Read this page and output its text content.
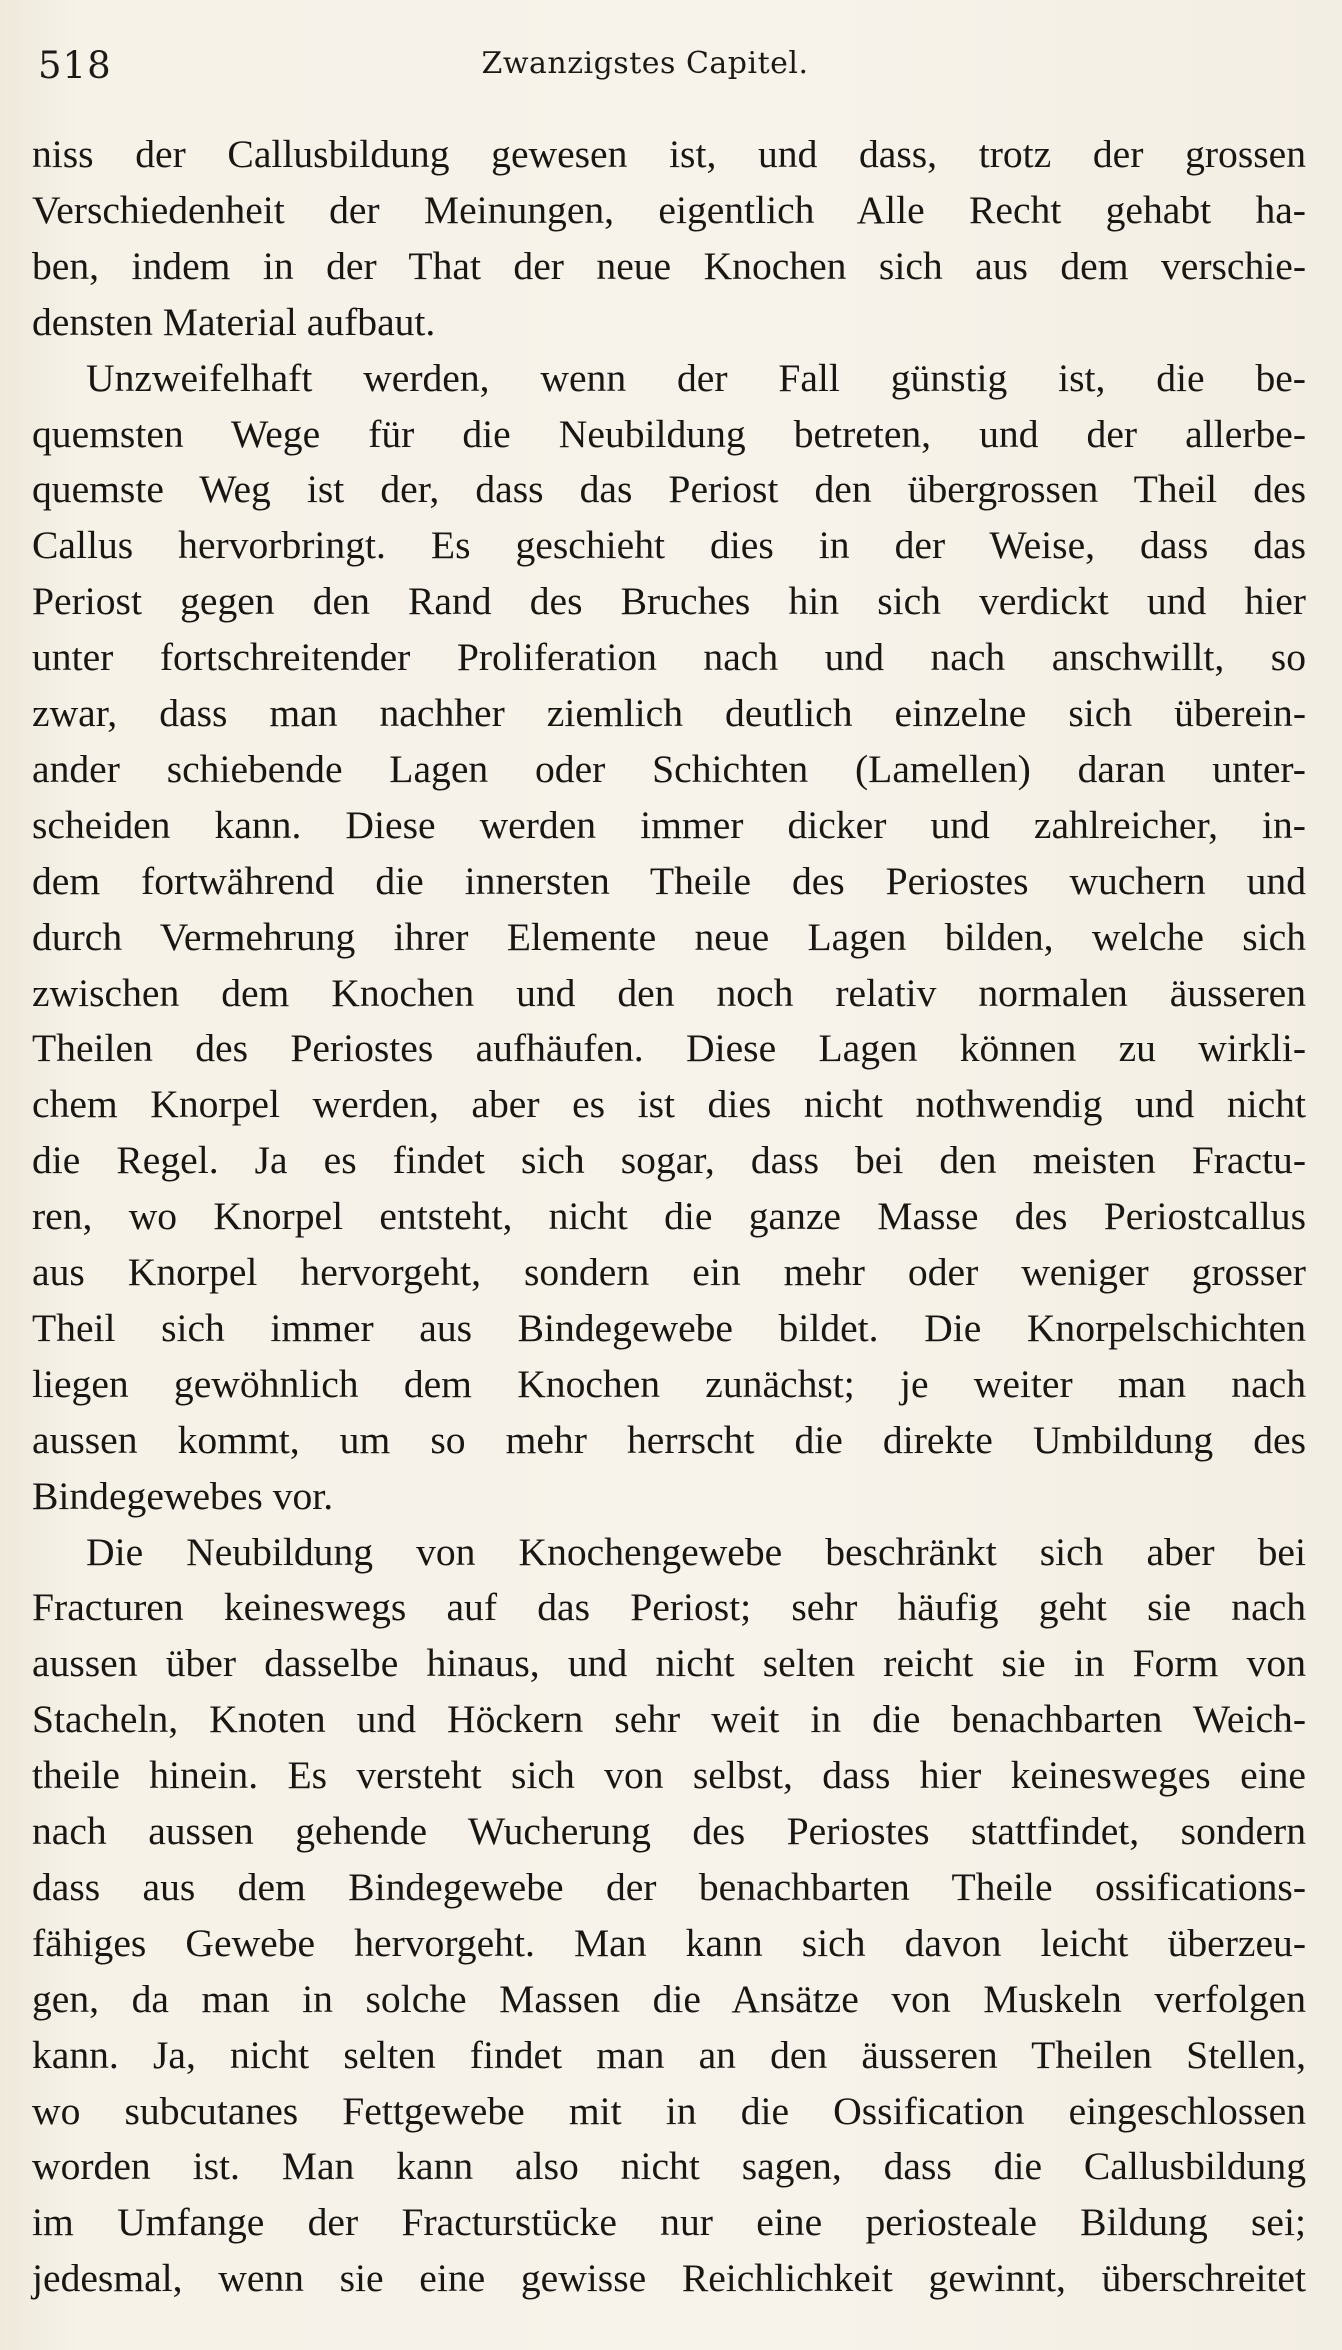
518	Zwanzigstes Capitel.
niss der Callusbildung gewesen ist, und dass, trotz der grossen
Verschiedenheit der Meinungen, eigentlich Alle Recht gehabt ha-
ben, indem in der That der neue Knochen sich aus dem verschie-
densten Material aufbaut.
Unzweifelhaft werden, wenn der Fall günstig ist, die be-
quemsten Wege für die Neubildung betreten, und der allerbe-
quemste Weg ist der, dass das Periost den übergrossen Theil des
Callus hervorbringt. Es geschieht dies in der Weise, dass das
Periost gegen den Rand des Bruches hin sich verdickt und hier
unter fortschreitender Proliferation nach und nach anschwillt, so
zwar, dass man nachher ziemlich deutlich einzelne sich überein-
ander schiebende Lagen oder Schichten (Lamellen) daran unter-
scheiden kann. Diese werden immer dicker und zahlreicher, in-
dem fortwährend die innersten Theile des Periostes wuchern und
durch Vermehrung ihrer Elemente neue Lagen bilden, welche sich
zwischen dem Knochen und den noch relativ normalen äusseren
Theilen des Periostes aufhäufen. Diese Lagen können zu wirkli-
chem Knorpel werden, aber es ist dies nicht nothwendig und nicht
die Regel. Ja es findet sich sogar, dass bei den meisten Fractu-
ren, wo Knorpel entsteht, nicht die ganze Masse des Periostcallus
aus Knorpel hervorgeht, sondern ein mehr oder weniger grosser
Theil sich immer aus Bindegewebe bildet. Die Knorpelschichten
liegen gewöhnlich dem Knochen zunächst; je weiter man nach
aussen kommt, um so mehr herrscht die direkte Umbildung des
Bindegewebes vor.
Die Neubildung von Knochengewebe beschränkt sich aber bei
Fracturen keineswegs auf das Periost; sehr häufig geht sie nach
aussen über dasselbe hinaus, und nicht selten reicht sie in Form von
Stacheln, Knoten und Höckern sehr weit in die benachbarten Weich-
theile hinein. Es versteht sich von selbst, dass hier keinesweges eine
nach aussen gehende Wucherung des Periostes stattfindet, sondern
dass aus dem Bindegewebe der benachbarten Theile ossifications-
fähiges Gewebe hervorgeht. Man kann sich davon leicht überzeu-
gen, da man in solche Massen die Ansätze von Muskeln verfolgen
kann. Ja, nicht selten findet man an den äusseren Theilen Stellen,
wo subcutanes Fettgewebe mit in die Ossification eingeschlossen
worden ist. Man kann also nicht sagen, dass die Callusbildung
im Umfange der Fracturstücke nur eine periosteale Bildung sei;
jedesmal, wenn sie eine gewisse Reichlichkeit gewinnt, überschreitet
